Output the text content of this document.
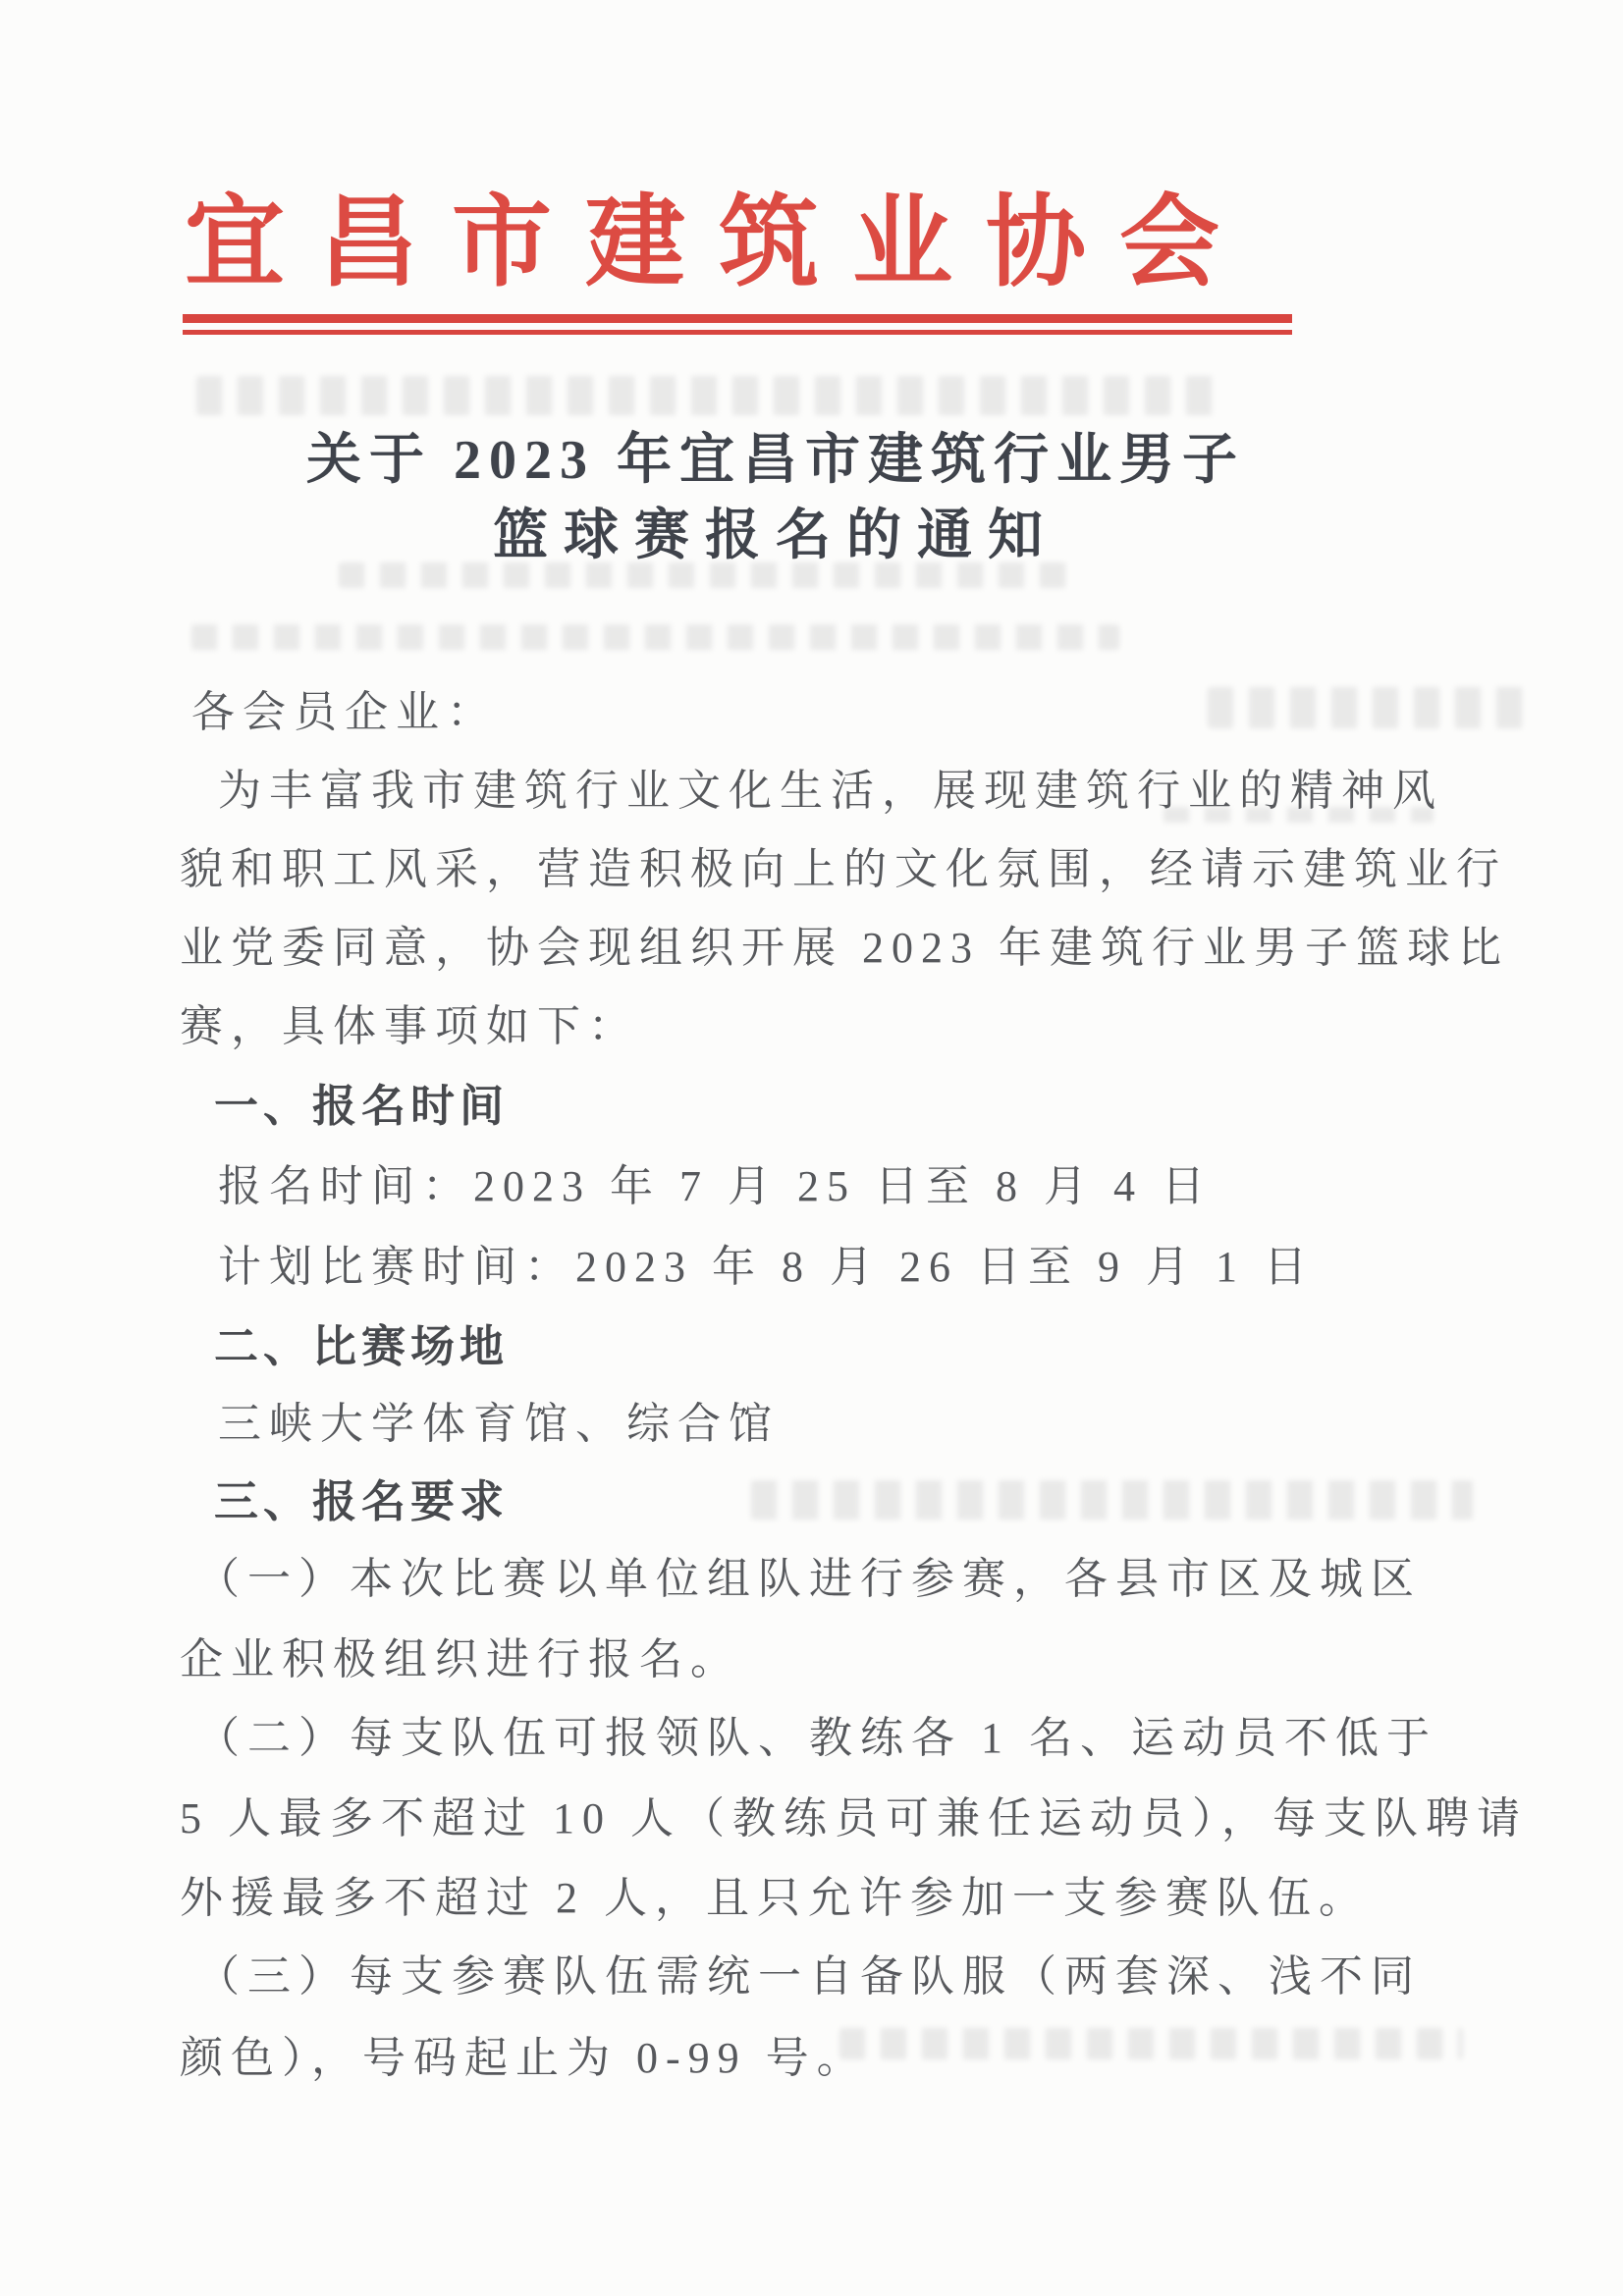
宜昌市建筑业协会
关于 2023 年宜昌市建筑行业男子
篮球赛报名的通知
各会员企业：
为丰富我市建筑行业文化生活，展现建筑行业的精神风
貌和职工风采，营造积极向上的文化氛围，经请示建筑业行
业党委同意，协会现组织开展 2023 年建筑行业男子篮球比
赛，具体事项如下：
一、报名时间
报名时间：2023 年 7 月 25 日至 8 月 4 日
计划比赛时间：2023 年 8 月 26 日至 9 月 1 日
二、比赛场地
三峡大学体育馆、综合馆
三、报名要求
（一）本次比赛以单位组队进行参赛，各县市区及城区
企业积极组织进行报名。
（二）每支队伍可报领队、教练各 1 名、运动员不低于
5 人最多不超过 10 人（教练员可兼任运动员），每支队聘请
外援最多不超过 2 人，且只允许参加一支参赛队伍。
（三）每支参赛队伍需统一自备队服（两套深、浅不同
颜色），号码起止为 0-99 号。
